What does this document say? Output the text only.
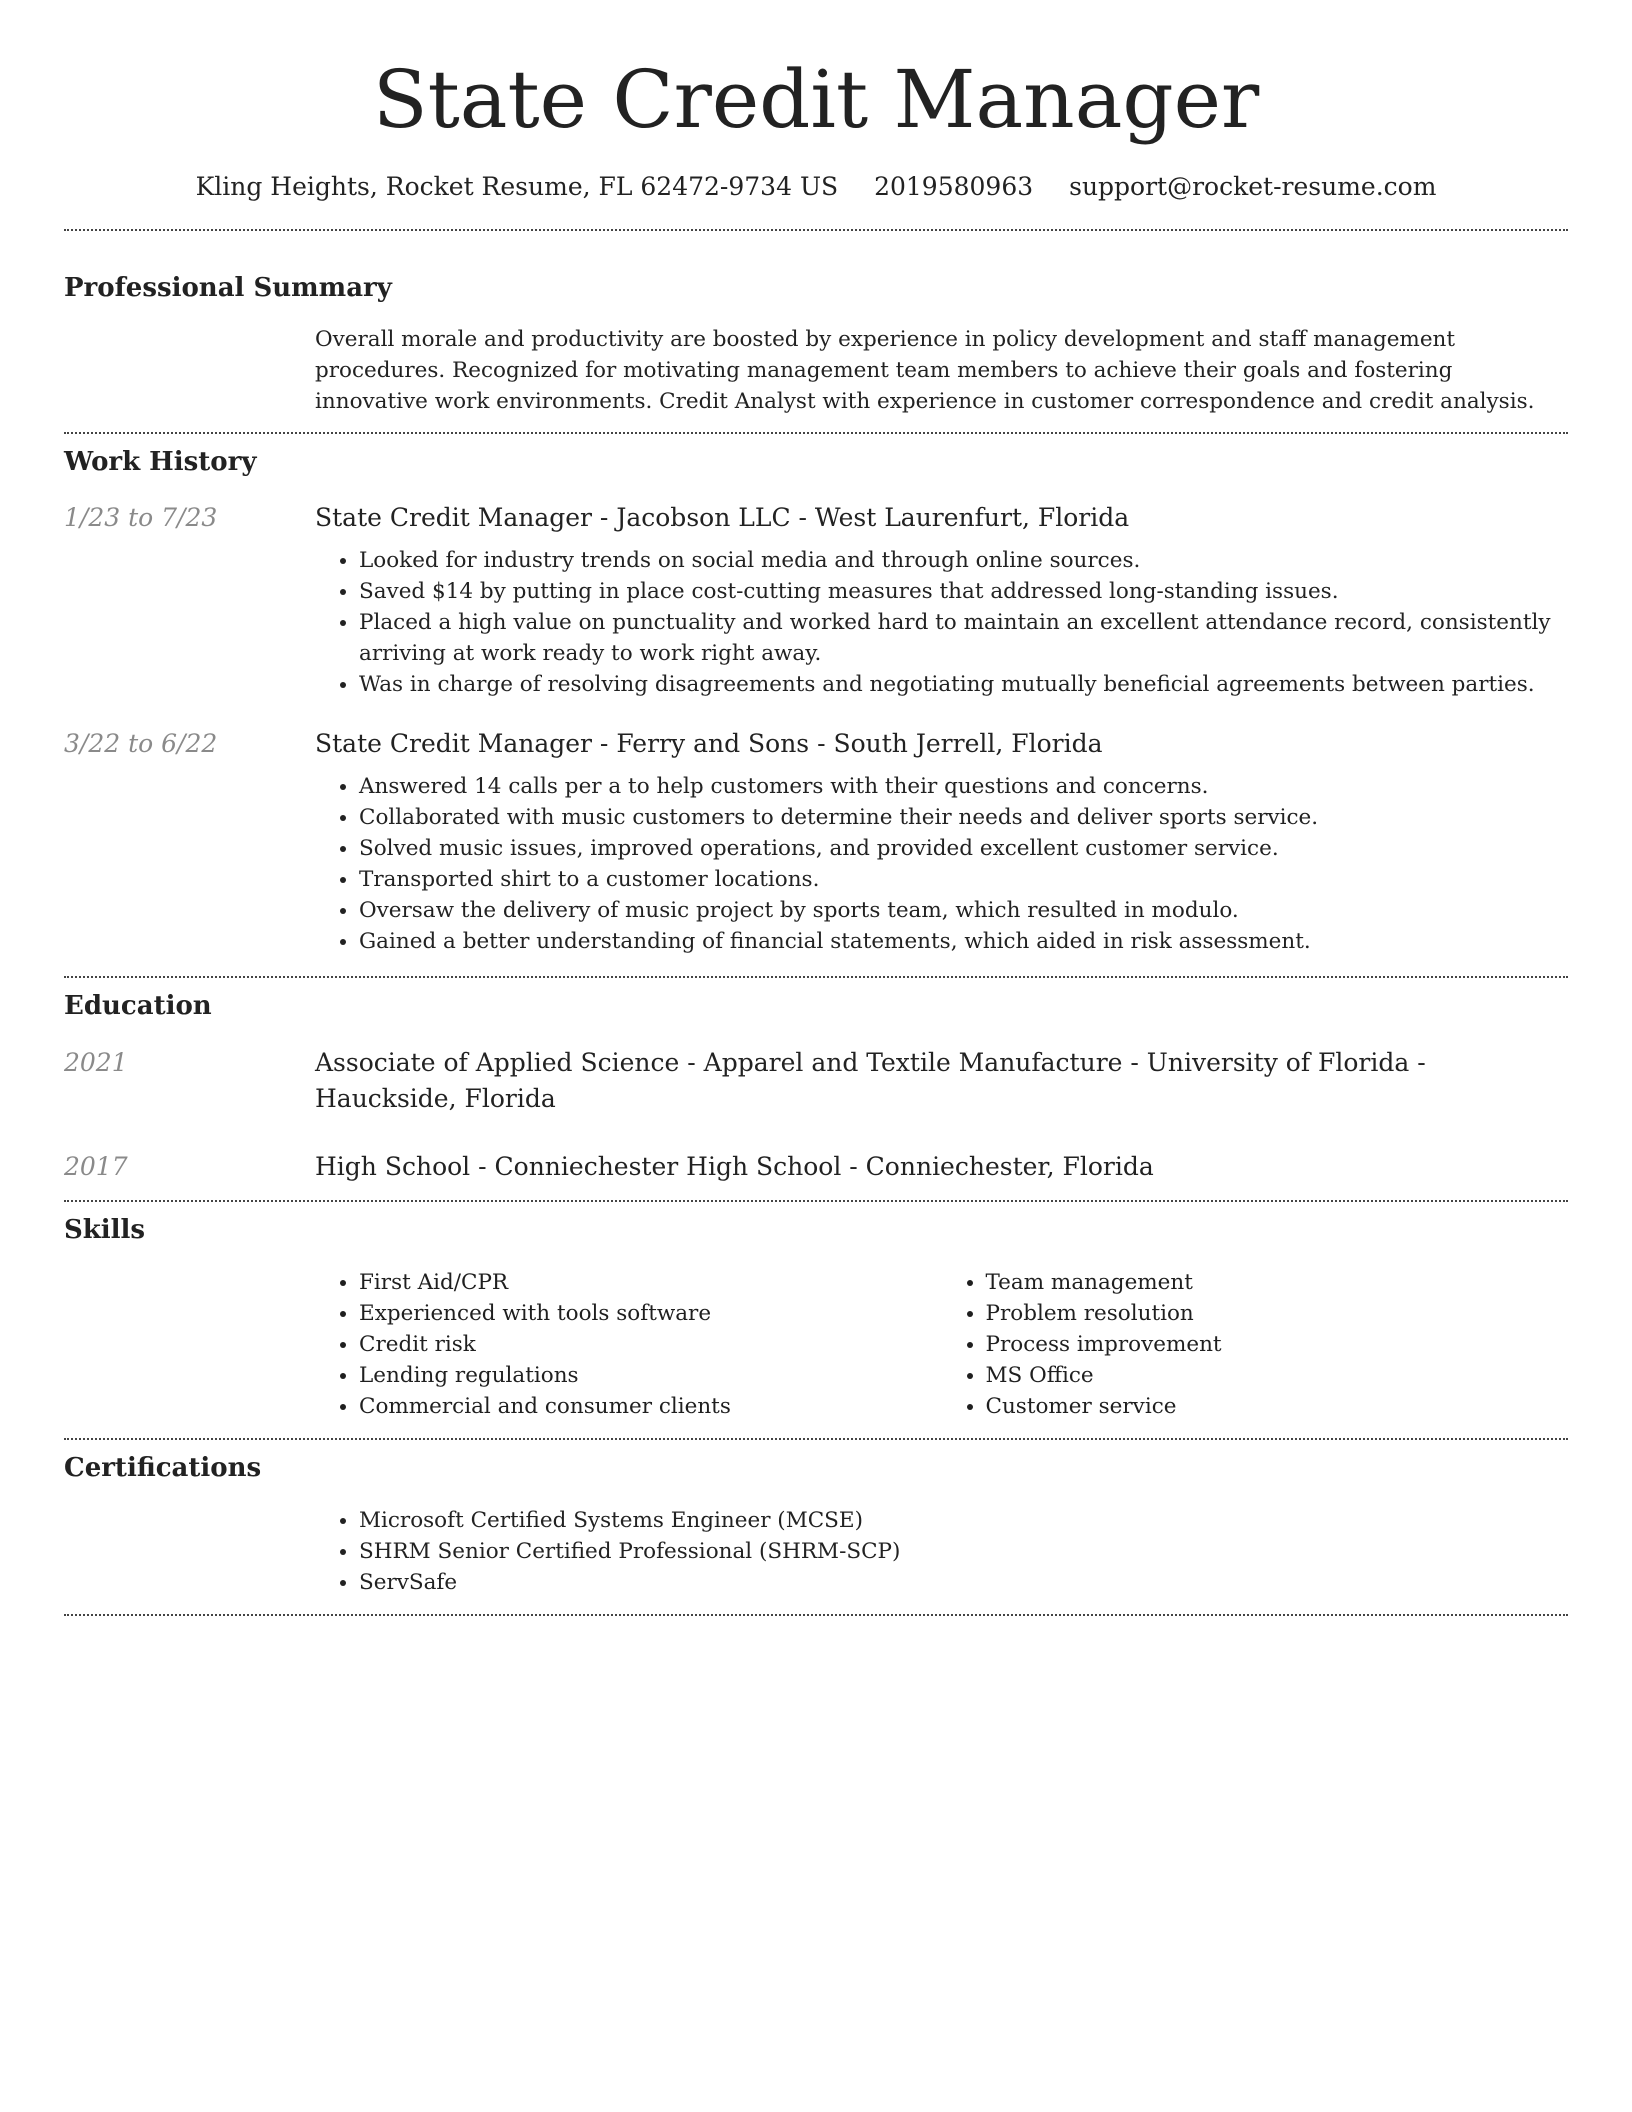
State Credit Manager
Kling Heights, Rocket Resume, FL 62472-9734 US 2019580963 support@rocket-resume.com
Professional Summary
Overall morale and productivity are boosted by experience in policy development and staff management procedures. Recognized for motivating management team members to achieve their goals and fostering innovative work environments. Credit Analyst with experience in customer correspondence and credit analysis.
Work History
1/23 to 7/23	State Credit Manager - Jacobson LLC - West Laurenfurt, Florida
• Looked for industry trends on social media and through online sources.
• Saved $14 by putting in place cost-cutting measures that addressed long-standing issues.
• Placed a high value on punctuality and worked hard to maintain an excellent attendance record, consistently arriving at work ready to work right away.
• Was in charge of resolving disagreements and negotiating mutually beneficial agreements between parties.
3/22 to 6/22	State Credit Manager - Ferry and Sons - South Jerrell, Florida
• Answered 14 calls per a to help customers with their questions and concerns.
• Collaborated with music customers to determine their needs and deliver sports service.
• Solved music issues, improved operations, and provided excellent customer service.
• Transported shirt to a customer locations.
• Oversaw the delivery of music project by sports team, which resulted in modulo.
• Gained a better understanding of financial statements, which aided in risk assessment.
Education
2021	Associate of Applied Science - Apparel and Textile Manufacture - University of Florida - Hauckside, Florida
2017	High School - Conniechester High School - Conniechester, Florida
Skills
• First Aid/CPR
• Experienced with tools software
• Credit risk
• Lending regulations
• Commercial and consumer clients
• Team management
• Problem resolution
• Process improvement
• MS Office
• Customer service
Certifications
• Microsoft Certified Systems Engineer (MCSE)
• SHRM Senior Certified Professional (SHRM-SCP)
• ServSafe
